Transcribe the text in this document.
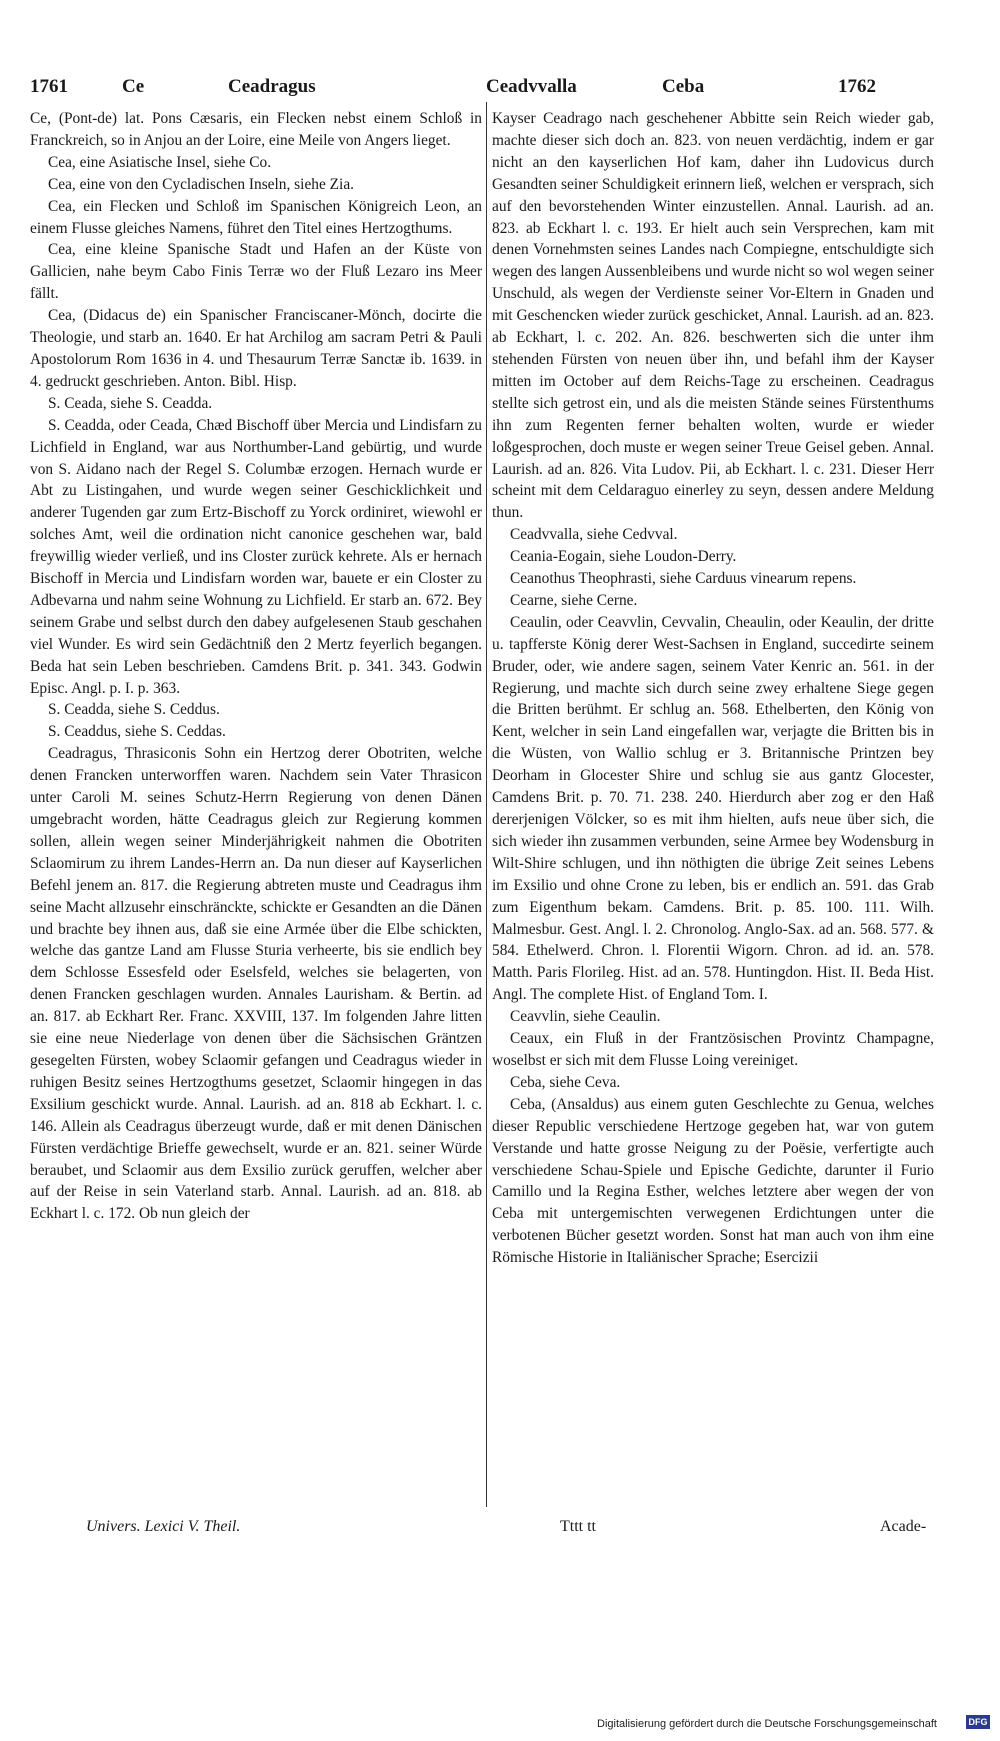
1761	Ce	Ceadragus	Ceadvvalla	Ceba	1762

Ce, (Pont-de) lat. Pons Cæsaris, ein Flecken nebst einem Schloß in Franckreich, so in Anjou an der Loire, eine Meile von Angers lieget.

Cea, eine Asiatische Insel, siehe Co.

Cea, eine von den Cycladischen Inseln, siehe Zia.

Cea, ein Flecken und Schloß im Spanischen Königreich Leon, an einem Flusse gleiches Namens, führet den Titel eines Hertzogthums.

Cea, eine kleine Spanische Stadt und Hafen an der Küste von Gallicien, nahe beym Cabo Finis Terræ wo der Fluß Lezaro ins Meer fällt.

Cea, (Didacus de) ein Spanischer Franciscaner-Mönch, docirte die Theologie, und starb an. 1640. Er hat Archilog am sacram Petri & Pauli Apostolorum Rom 1636 in 4. und Thesaurum Terræ Sanctæ ib. 1639. in 4. gedruckt geschrieben. Anton. Bibl. Hisp.

S. Ceada, siehe S. Ceadda.

S. Ceadda, oder Ceada, Chæd Bischoff über Mercia und Lindisfarn zu Lichfield in England, war aus Northumber-Land gebürtig, und wurde von S. Aidano nach der Regel S. Columbæ erzogen. Hernach wurde er Abt zu Listingahen, und wurde wegen seiner Geschicklichkeit und anderer Tugenden gar zum Ertz-Bischoff zu Yorck ordiniret, wiewohl er solches Amt, weil die ordination nicht canonice geschehen war, bald freywillig wieder verließ, und ins Closter zurück kehrete. Als er hernach Bischoff in Mercia und Lindisfarn worden war, bauete er ein Closter zu Adbevarna und nahm seine Wohnung zu Lichfield. Er starb an. 672. Bey seinem Grabe und selbst durch den dabey aufgelesenen Staub geschahen viel Wunder. Es wird sein Gedächtniß den 2 Mertz feyerlich begangen. Beda hat sein Leben beschrieben. Camdens Brit. p. 341. 343. Godwin Episc. Angl. p. I. p. 363.

S. Ceadda, siehe S. Ceddus.

S. Ceaddus, siehe S. Ceddas.

Ceadragus, Thrasiconis Sohn ein Hertzog derer Obotriten, welche denen Francken unterworffen waren. Nachdem sein Vater Thrasicon unter Caroli M. seines Schutz-Herrn Regierung von denen Dänen umgebracht worden, hätte Ceadragus gleich zur Regierung kommen sollen, allein wegen seiner Minderjährigkeit nahmen die Obotriten Sclaomirum zu ihrem Landes-Herrn an. Da nun dieser auf Kayserlichen Befehl jenem an. 817. die Regierung abtreten muste und Ceadragus ihm seine Macht allzusehr einschränckte, schickte er Gesandten an die Dänen und brachte bey ihnen aus, daß sie eine Armée über die Elbe schickten, welche das gantze Land am Flusse Sturia verheerte, bis sie endlich bey dem Schlosse Essesfeld oder Eselsfeld, welches sie belagerten, von denen Francken geschlagen wurden. Annales Laurisham. & Bertin. ad an. 817. ab Eckhart Rer. Franc. XXVIII, 137. Im folgenden Jahre litten sie eine neue Niederlage von denen über die Sächsischen Gräntzen gesegelten Fürsten, wobey Sclaomir gefangen und Ceadragus wieder in ruhigen Besitz seines Hertzogthums gesetzet, Sclaomir hingegen in das Exsilium geschickt wurde. Annal. Laurish. ad an. 818 ab Eckhart. l. c. 146. Allein als Ceadragus überzeugt wurde, daß er mit denen Dänischen Fürsten verdächtige Brieffe gewechselt, wurde er an. 821. seiner Würde beraubet, und Sclaomir aus dem Exsilio zurück geruffen, welcher aber auf der Reise in sein Vaterland starb. Annal. Laurish. ad an. 818. ab Eckhart l. c. 172. Ob nun gleich der

Kayser Ceadrago nach geschehener Abbitte sein Reich wieder gab, machte dieser sich doch an. 823. von neuen verdächtig, indem er gar nicht an den kayserlichen Hof kam, daher ihn Ludovicus durch Gesandten seiner Schuldigkeit erinnern ließ, welchen er versprach, sich auf den bevorstehenden Winter einzustellen. Annal. Laurish. ad an. 823. ab Eckhart l. c. 193. Er hielt auch sein Versprechen, kam mit denen Vornehmsten seines Landes nach Compiegne, entschuldigte sich wegen des langen Aussenbleibens und wurde nicht so wol wegen seiner Unschuld, als wegen der Verdienste seiner Vor-Eltern in Gnaden und mit Geschencken wieder zurück geschicket, Annal. Laurish. ad an. 823. ab Eckhart, l. c. 202. An. 826. beschwerten sich die unter ihm stehenden Fürsten von neuen über ihn, und befahl ihm der Kayser mitten im October auf dem Reichs-Tage zu erscheinen. Ceadragus stellte sich getrost ein, und als die meisten Stände seines Fürstenthums ihn zum Regenten ferner behalten wolten, wurde er wieder loßgesprochen, doch muste er wegen seiner Treue Geisel geben. Annal. Laurish. ad an. 826. Vita Ludov. Pii, ab Eckhart. l. c. 231. Dieser Herr scheint mit dem Celdaraguo einerley zu seyn, dessen andere Meldung thun.

Ceadvvalla, siehe Cedvval.

Ceania-Eogain, siehe Loudon-Derry.

Ceanothus Theophrasti, siehe Carduus vinearum repens.

Cearne, siehe Cerne.

Ceaulin, oder Ceavvlin, Cevvalin, Cheaulin, oder Keaulin, der dritte u. tapfferste König derer West-Sachsen in England, succedirte seinem Bruder, oder, wie andere sagen, seinem Vater Kenric an. 561. in der Regierung, und machte sich durch seine zwey erhaltene Siege gegen die Britten berühmt. Er schlug an. 568. Ethelberten, den König von Kent, welcher in sein Land eingefallen war, verjagte die Britten bis in die Wüsten, von Wallio schlug er 3. Britannische Printzen bey Deorham in Glocester Shire und schlug sie aus gantz Glocester, Camdens Brit. p. 70. 71. 238. 240. Hierdurch aber zog er den Haß dererjenigen Völcker, so es mit ihm hielten, aufs neue über sich, die sich wieder ihn zusammen verbunden, seine Armee bey Wodensburg in Wilt-Shire schlugen, und ihn nöthigten die übrige Zeit seines Lebens im Exsilio und ohne Crone zu leben, bis er endlich an. 591. das Grab zum Eigenthum bekam. Camdens. Brit. p. 85. 100. 111. Wilh. Malmesbur. Gest. Angl. l. 2. Chronolog. Anglo-Sax. ad an. 568. 577. & 584. Ethelwerd. Chron. l. Florentii Wigorn. Chron. ad id. an. 578. Matth. Paris Florileg. Hist. ad an. 578. Huntingdon. Hist. II. Beda Hist. Angl. The complete Hist. of England Tom. I.

Ceavvlin, siehe Ceaulin.

Ceaux, ein Fluß in der Frantzösischen Provintz Champagne, woselbst er sich mit dem Flusse Loing vereiniget.

Ceba, siehe Ceva.

Ceba, (Ansaldus) aus einem guten Geschlechte zu Genua, welches dieser Republic verschiedene Hertzoge gegeben hat, war von gutem Verstande und hatte grosse Neigung zu der Poësie, verfertigte auch verschiedene Schau-Spiele und Epische Gedichte, darunter il Furio Camillo und la Regina Esther, welches letztere aber wegen der von Ceba mit untergemischten verwegenen Erdichtungen unter die verbotenen Bücher gesetzt worden. Sonst hat man auch von ihm eine Römische Historie in Italiänischer Sprache; Esercizii

Univers. Lexici V. Theil.	Tttt tt	Acade-
Digitalisierung gefördert durch die Deutsche Forschungsgemeinschaft	DFG
